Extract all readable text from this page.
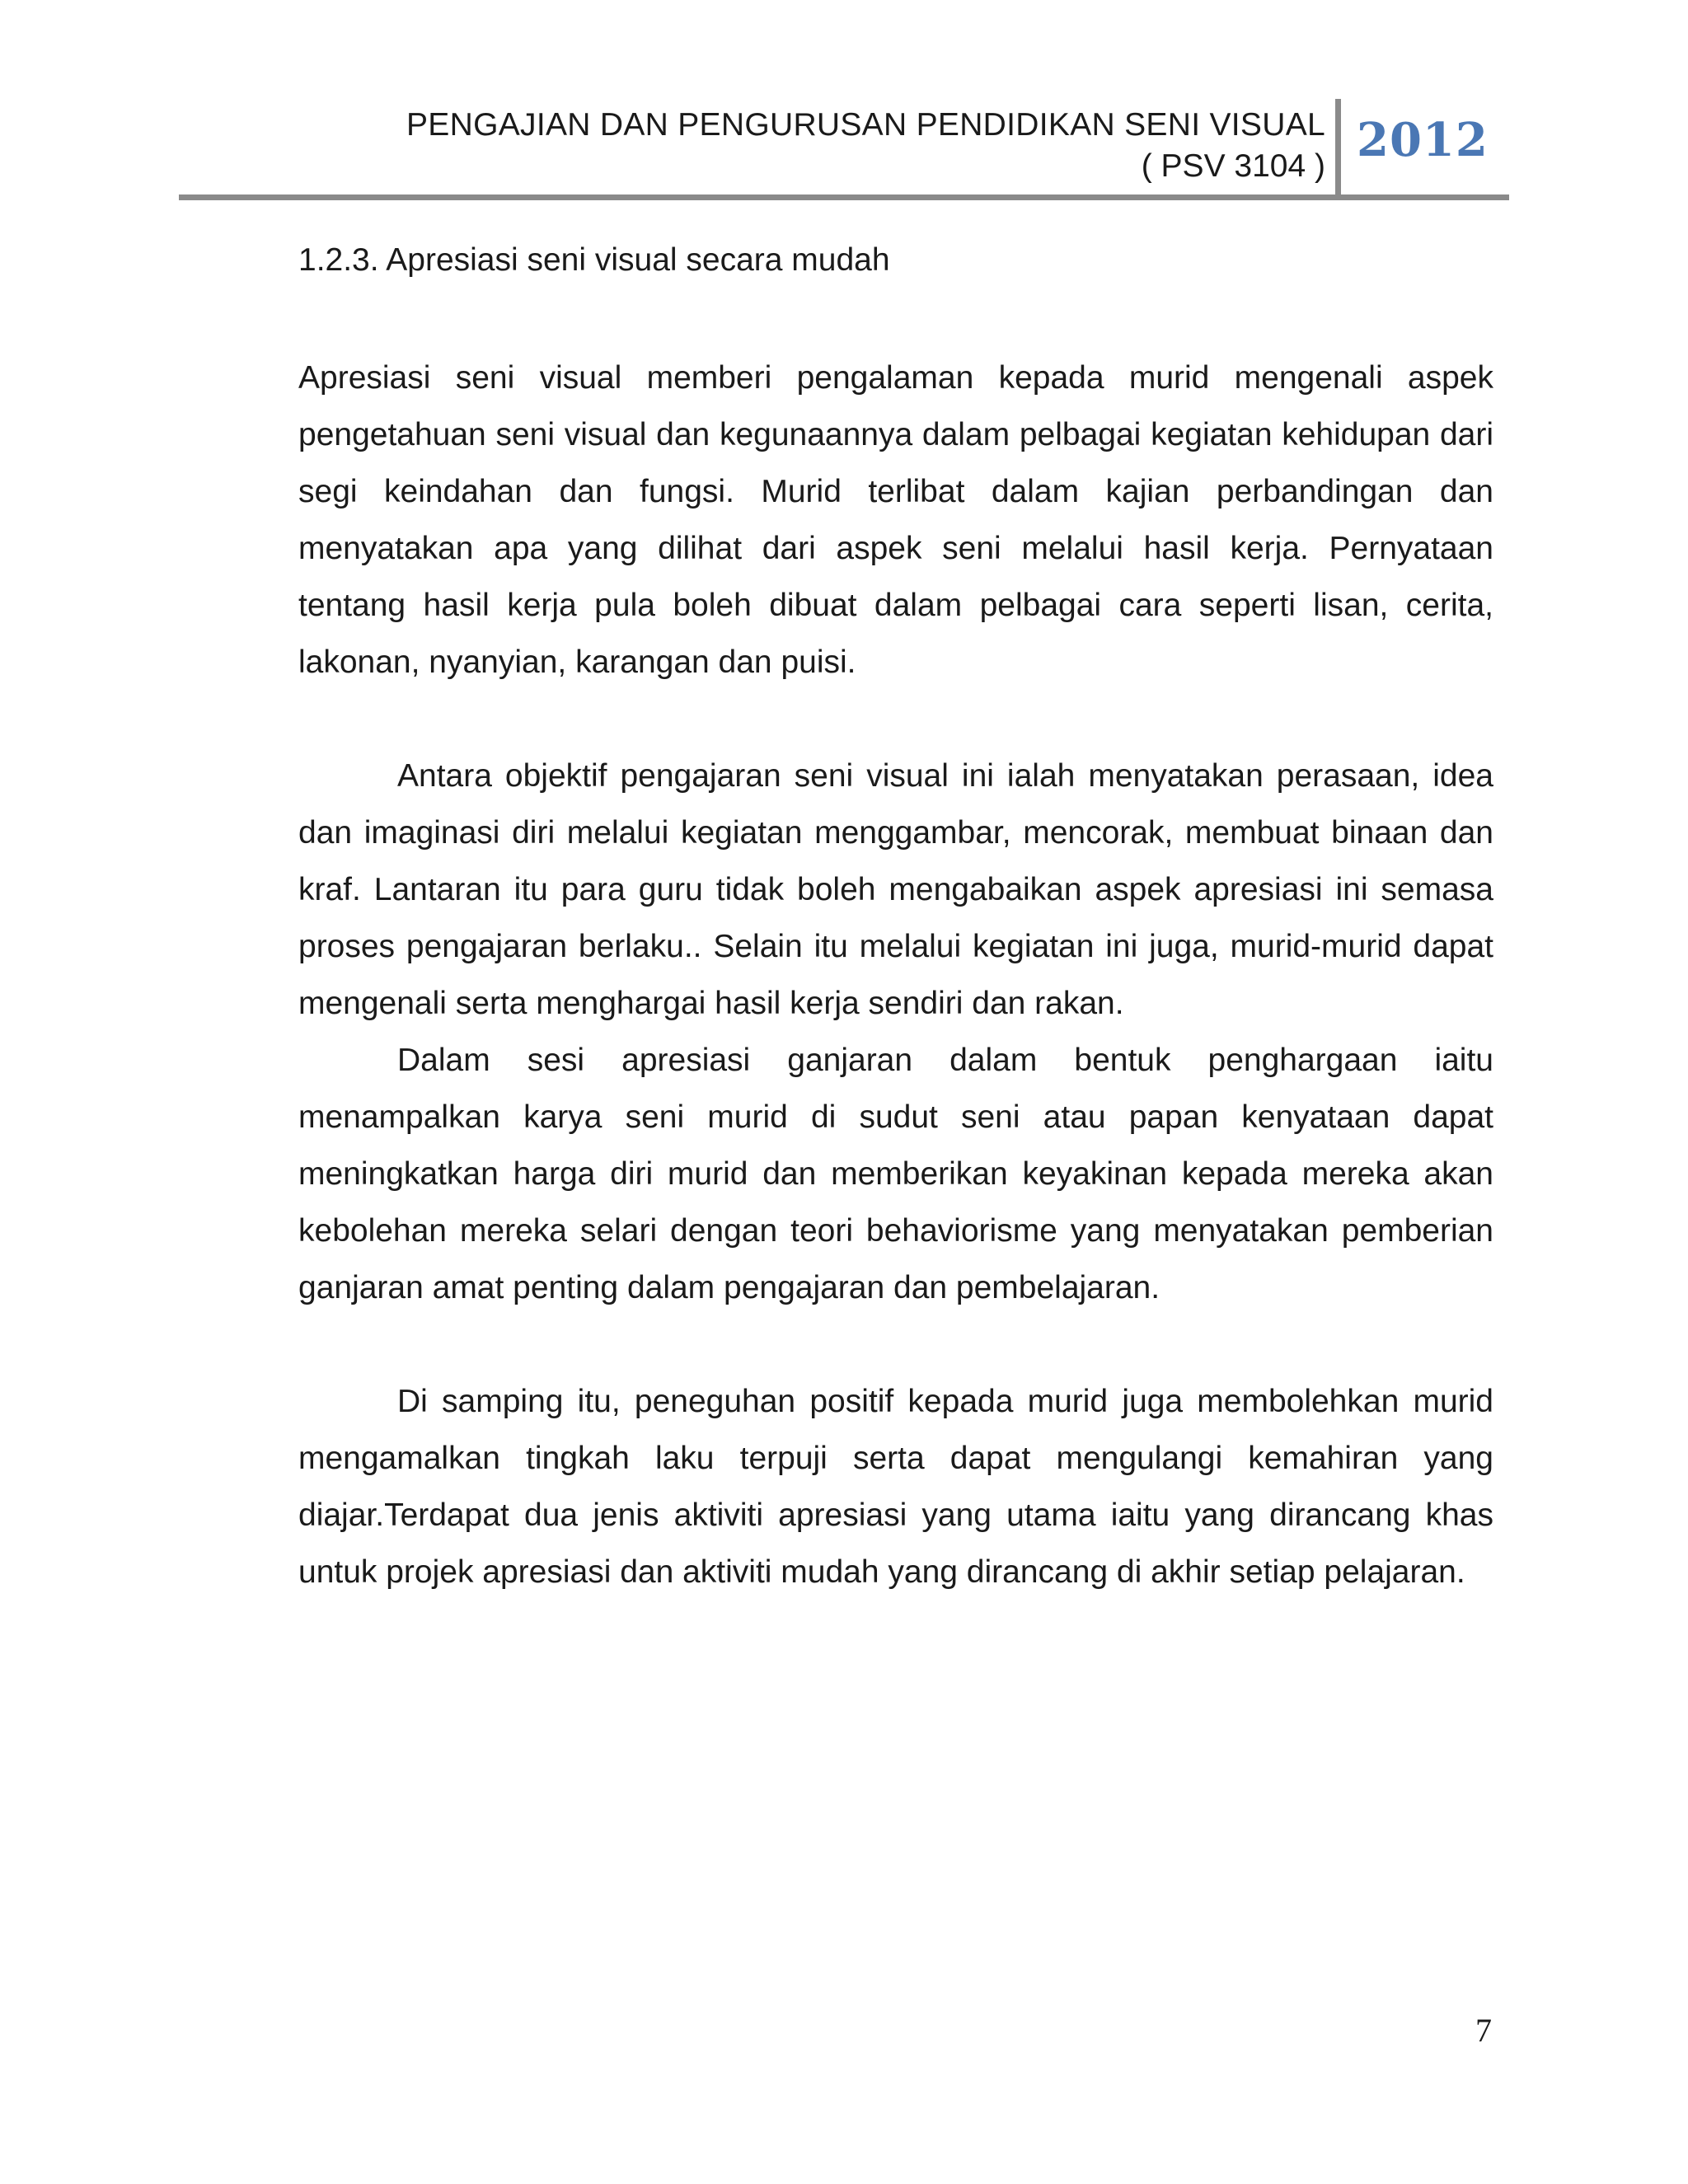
PENGAJIAN DAN PENGURUSAN PENDIDIKAN SENI VISUAL
( PSV 3104 ) 2012
1.2.3. Apresiasi seni visual secara mudah

Apresiasi seni visual memberi pengalaman kepada murid mengenali aspek pengetahuan seni visual dan kegunaannya dalam pelbagai kegiatan kehidupan dari segi keindahan dan fungsi. Murid terlibat dalam kajian perbandingan dan menyatakan apa yang dilihat dari aspek seni melalui hasil kerja. Pernyataan tentang hasil kerja pula boleh dibuat dalam pelbagai cara seperti lisan, cerita, lakonan, nyanyian, karangan dan puisi.

Antara objektif pengajaran seni visual ini ialah menyatakan perasaan, idea dan imaginasi diri melalui kegiatan menggambar, mencorak, membuat binaan dan kraf. Lantaran itu para guru tidak boleh mengabaikan aspek apresiasi ini semasa proses pengajaran berlaku.. Selain itu melalui kegiatan ini juga, murid-murid dapat mengenali serta menghargai hasil kerja sendiri dan rakan.

Dalam sesi apresiasi ganjaran dalam bentuk penghargaan iaitu menampalkan karya seni murid di sudut seni atau papan kenyataan dapat meningkatkan harga diri murid dan memberikan keyakinan kepada mereka akan kebolehan mereka selari dengan teori behaviorisme yang menyatakan pemberian ganjaran amat penting dalam pengajaran dan pembelajaran.

Di samping itu, peneguhan positif kepada murid juga membolehkan murid mengamalkan tingkah laku terpuji serta dapat mengulangi kemahiran yang diajar.Terdapat dua jenis aktiviti apresiasi yang utama iaitu yang dirancang khas untuk projek apresiasi dan aktiviti mudah yang dirancang di akhir setiap pelajaran.

7
